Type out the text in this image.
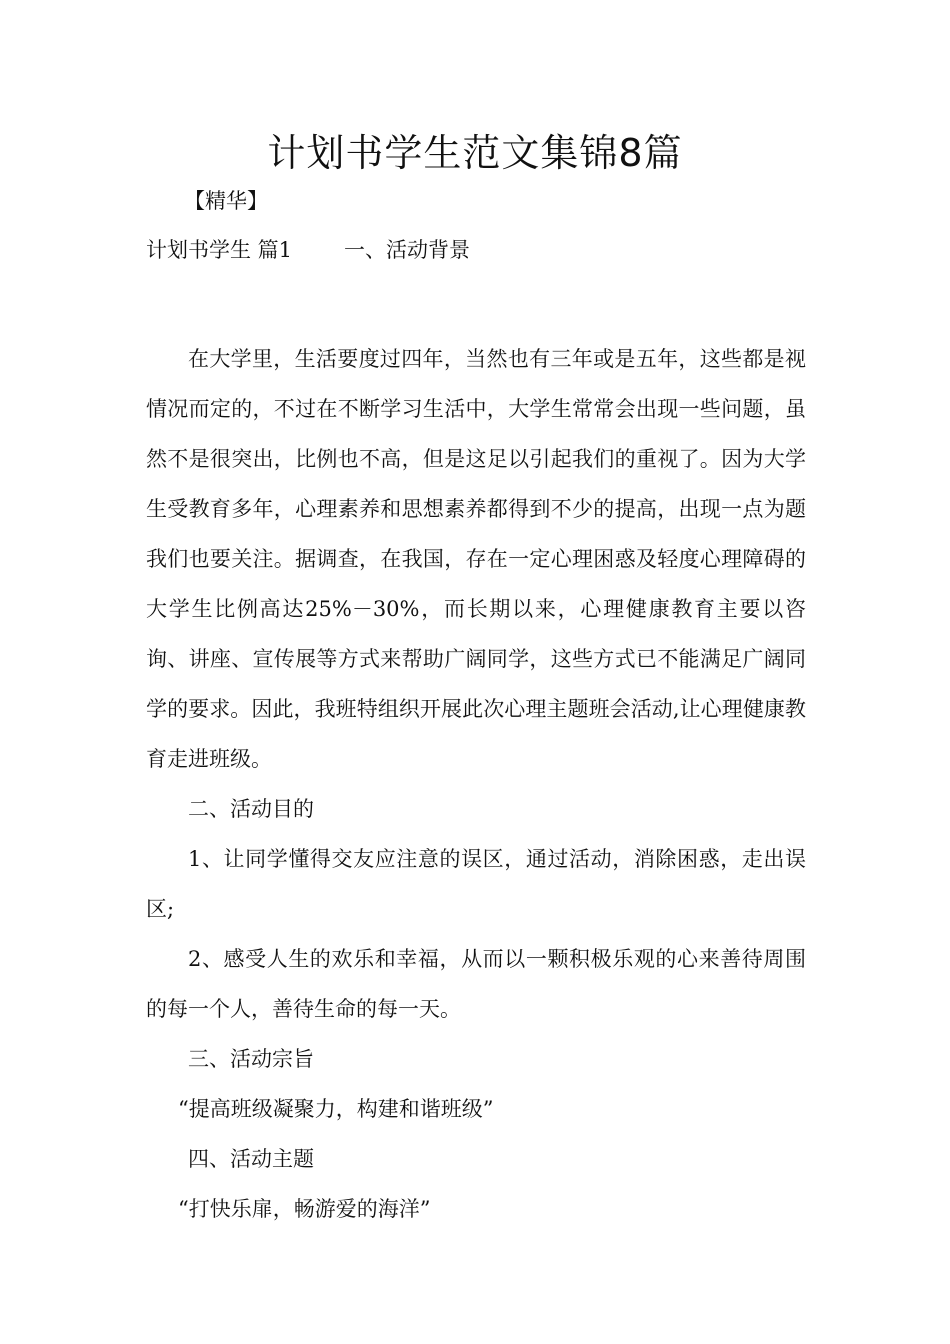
计划书学生范文集锦8篇
【精华】
计划书学生 篇1 一、活动背景

在大学里，生活要度过四年，当然也有三年或是五年，这些都是视情况而定的，不过在不断学习生活中，大学生常常会出现一些问题，虽然不是很突出，比例也不高，但是这足以引起我们的重视了。因为大学生受教育多年，心理素养和思想素养都得到不少的提高，出现一点为题我们也要关注。据调查，在我国，存在一定心理困惑及轻度心理障碍的大学生比例高达25%－30%，而长期以来，心理健康教育主要以咨询、讲座、宣传展等方式来帮助广阔同学，这些方式已不能满足广阔同学的要求。因此，我班特组织开展此次心理主题班会活动,让心理健康教育走进班级。

二、活动目的

1、让同学懂得交友应注意的误区，通过活动，消除困惑，走出误区;

2、感受人生的欢乐和幸福，从而以一颗积极乐观的心来善待周围的每一个人，善待生命的每一天。

三、活动宗旨

“提高班级凝聚力，构建和谐班级”

四、活动主题

“打快乐扉，畅游爱的海洋”
